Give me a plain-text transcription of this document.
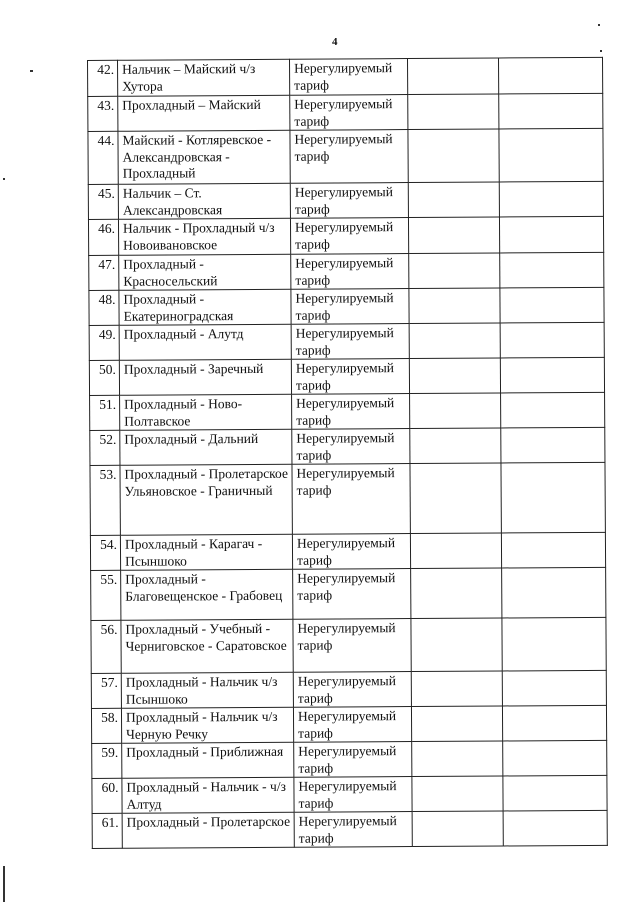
4
42.	Нальчик – Майский ч/з Хутора	Нерегулируемый тариф		
43.	Прохладный – Майский	Нерегулируемый тариф		
44.	Майский - Котляревское - Александровская - Прохладный	Нерегулируемый тариф		
45.	Нальчик – Ст. Александровская	Нерегулируемый тариф		
46.	Нальчик - Прохладный ч/з Новоивановское	Нерегулируемый тариф		
47.	Прохладный - Красносельский	Нерегулируемый тариф		
48.	Прохладный - Екатериноградская	Нерегулируемый тариф		
49.	Прохладный - Алутд	Нерегулируемый тариф		
50.	Прохладный - Заречный	Нерегулируемый тариф		
51.	Прохладный - Ново-Полтавское	Нерегулируемый тариф		
52.	Прохладный - Дальний	Нерегулируемый тариф		
53.	Прохладный - Пролетарское Ульяновское - Граничный	Нерегулируемый тариф		
54.	Прохладный - Карагач - Псыншоко	Нерегулируемый тариф		
55.	Прохладный - Благовещенское - Грабовец	Нерегулируемый тариф		
56.	Прохладный - Учебный - Черниговское - Саратовское	Нерегулируемый тариф		
57.	Прохладный - Нальчик ч/з Псыншоко	Нерегулируемый тариф		
58.	Прохладный - Нальчик ч/з Черную Речку	Нерегулируемый тариф		
59.	Прохладный - Приближная	Нерегулируемый тариф		
60.	Прохладный - Нальчик - ч/з Алтуд	Нерегулируемый тариф		
61.	Прохладный - Пролетарское	Нерегулируемый тариф		
